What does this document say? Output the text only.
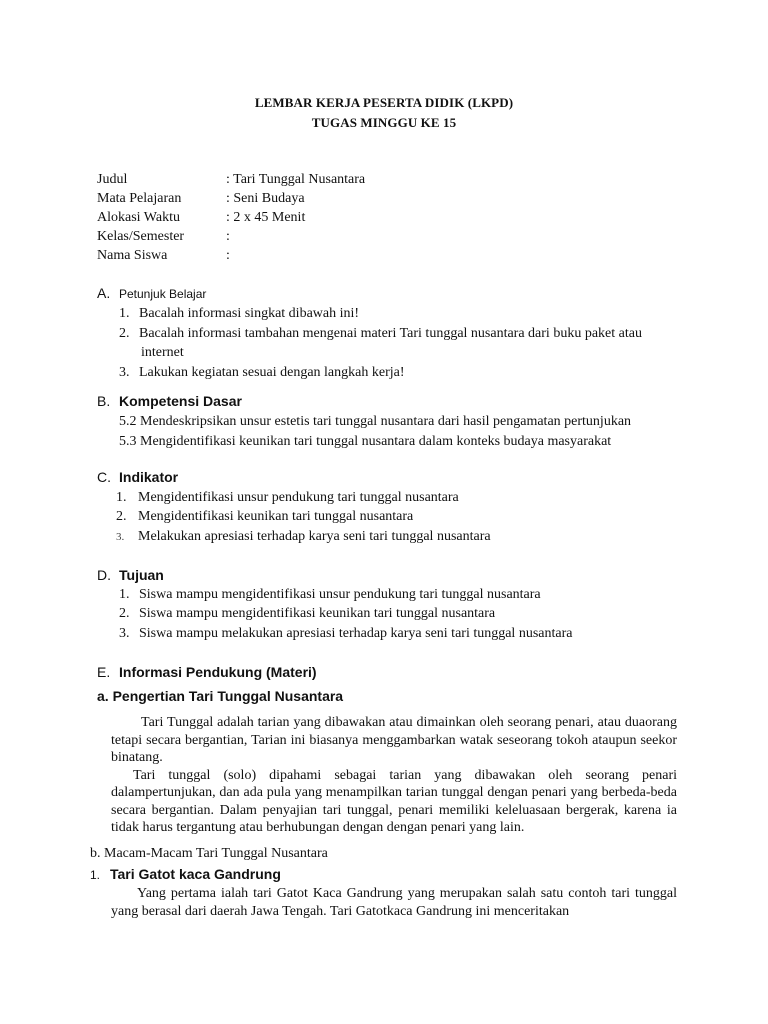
LEMBAR KERJA PESERTA DIDIK (LKPD)
TUGAS MINGGU KE 15
Judul	: Tari Tunggal Nusantara
Mata Pelajaran	: Seni Budaya
Alokasi Waktu	: 2 x 45 Menit
Kelas/Semester	:
Nama Siswa	:
A. Petunjuk Belajar
1. Bacalah informasi singkat dibawah ini!
2. Bacalah informasi tambahan mengenai materi Tari tunggal nusantara dari buku paket atau
internet
3. Lakukan kegiatan sesuai dengan langkah kerja!
B. Kompetensi Dasar
5.2 Mendeskripsikan unsur estetis tari tunggal nusantara dari hasil pengamatan pertunjukan
5.3 Mengidentifikasi keunikan tari tunggal nusantara dalam konteks budaya masyarakat
C. Indikator
1. Mengidentifikasi unsur pendukung tari tunggal nusantara
2. Mengidentifikasi keunikan tari tunggal nusantara
3. Melakukan apresiasi terhadap karya seni tari tunggal nusantara
D. Tujuan
1. Siswa mampu mengidentifikasi unsur pendukung tari tunggal nusantara
2. Siswa mampu mengidentifikasi keunikan tari tunggal nusantara
3. Siswa mampu melakukan apresiasi terhadap karya seni tari tunggal nusantara
E. Informasi Pendukung (Materi)
a. Pengertian Tari Tunggal Nusantara

Tari Tunggal adalah tarian yang dibawakan atau dimainkan oleh seorang penari, atau duaorang tetapi secara bergantian, Tarian ini biasanya menggambarkan watak seseorang tokoh ataupun seekor binatang.

Tari tunggal (solo) dipahami sebagai tarian yang dibawakan oleh seorang penari dalampertunjukan, dan ada pula yang menampilkan tarian tunggal dengan penari yang berbeda-beda secara bergantian. Dalam penyajian tari tunggal, penari memiliki keleluasaan bergerak, karena ia tidak harus tergantung atau berhubungan dengan dengan penari yang lain.

b. Macam-Macam Tari Tunggal Nusantara
1. Tari Gatot kaca Gandrung

Yang pertama ialah tari Gatot Kaca Gandrung yang merupakan salah satu contoh tari tunggal yang berasal dari daerah Jawa Tengah. Tari Gatotkaca Gandrung ini menceritakan
